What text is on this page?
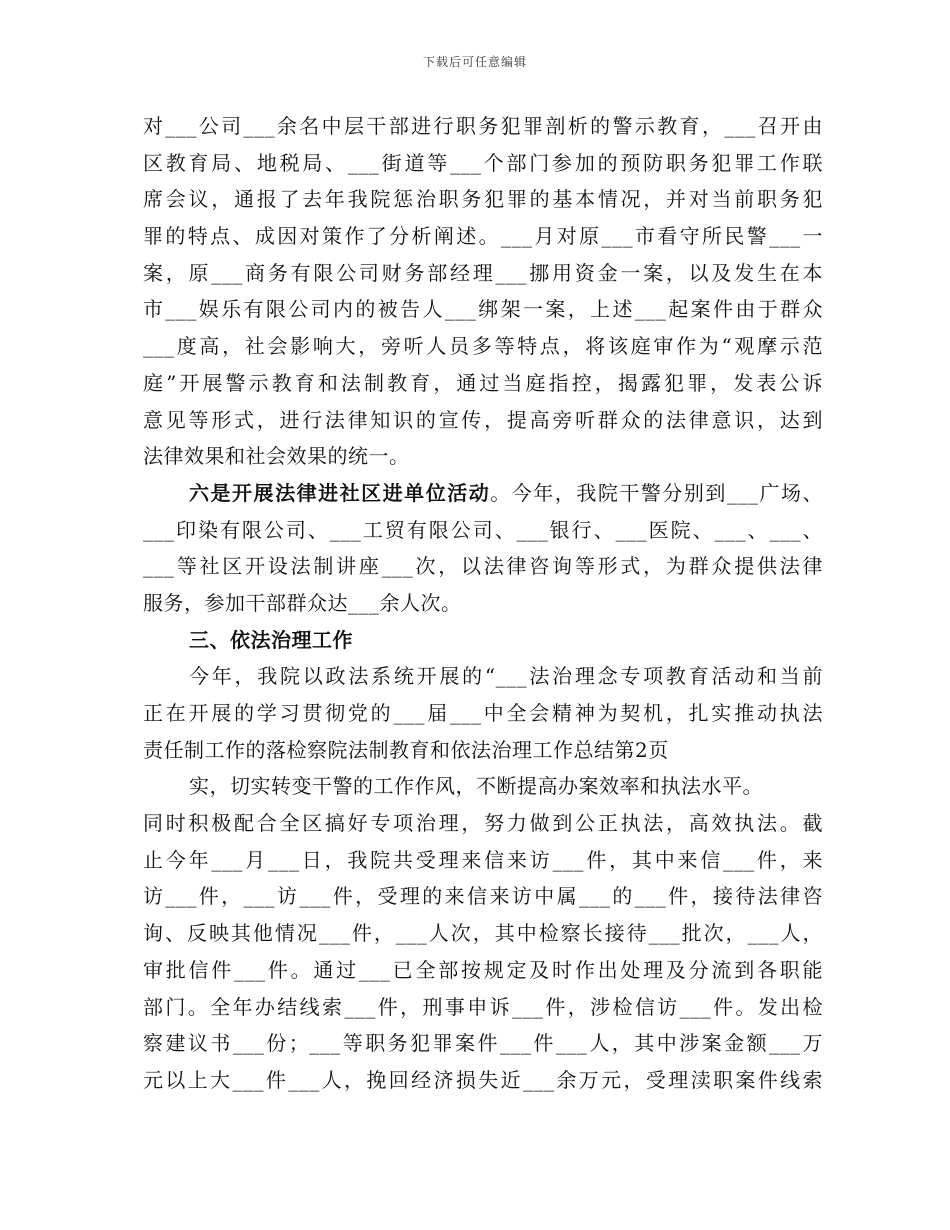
下载后可任意编辑
对___公司___余名中层干部进行职务犯罪剖析的警示教育，___召开由
区教育局、地税局、___街道等___个部门参加的预防职务犯罪工作联
席会议，通报了去年我院惩治职务犯罪的基本情况，并对当前职务犯
罪的特点、成因对策作了分析阐述。___月对原___市看守所民警___一
案，原___商务有限公司财务部经理___挪用资金一案，以及发生在本
市___娱乐有限公司内的被告人___绑架一案，上述___起案件由于群众
___度高，社会影响大，旁听人员多等特点，将该庭审作为“观摩示范
庭”开展警示教育和法制教育，通过当庭指控，揭露犯罪，发表公诉
意见等形式，进行法律知识的宣传，提高旁听群众的法律意识，达到
法律效果和社会效果的统一。
六是开展法律进社区进单位活动。今年，我院干警分别到___广场、
___印染有限公司、___工贸有限公司、___银行、___医院、___、___、
___等社区开设法制讲座___次，以法律咨询等形式，为群众提供法律
服务，参加干部群众达___余人次。
三、依法治理工作
今年，我院以政法系统开展的“___法治理念专项教育活动和当前
正在开展的学习贯彻党的___届___中全会精神为契机，扎实推动执法
责任制工作的落检察院法制教育和依法治理工作总结第2页
实，切实转变干警的工作作风，不断提高办案效率和执法水平。
同时积极配合全区搞好专项治理，努力做到公正执法，高效执法。截
止今年___月___日，我院共受理来信来访___件，其中来信___件，来
访___件，___访___件，受理的来信来访中属___的___件，接待法律咨
询、反映其他情况___件，___人次，其中检察长接待___批次，___人，
审批信件___件。通过___已全部按规定及时作出处理及分流到各职能
部门。全年办结线索___件，刑事申诉___件，涉检信访___件。发出检
察建议书___份；___等职务犯罪案件___件___人，其中涉案金额___万
元以上大___件___人，挽回经济损失近___余万元，受理渎职案件线索
